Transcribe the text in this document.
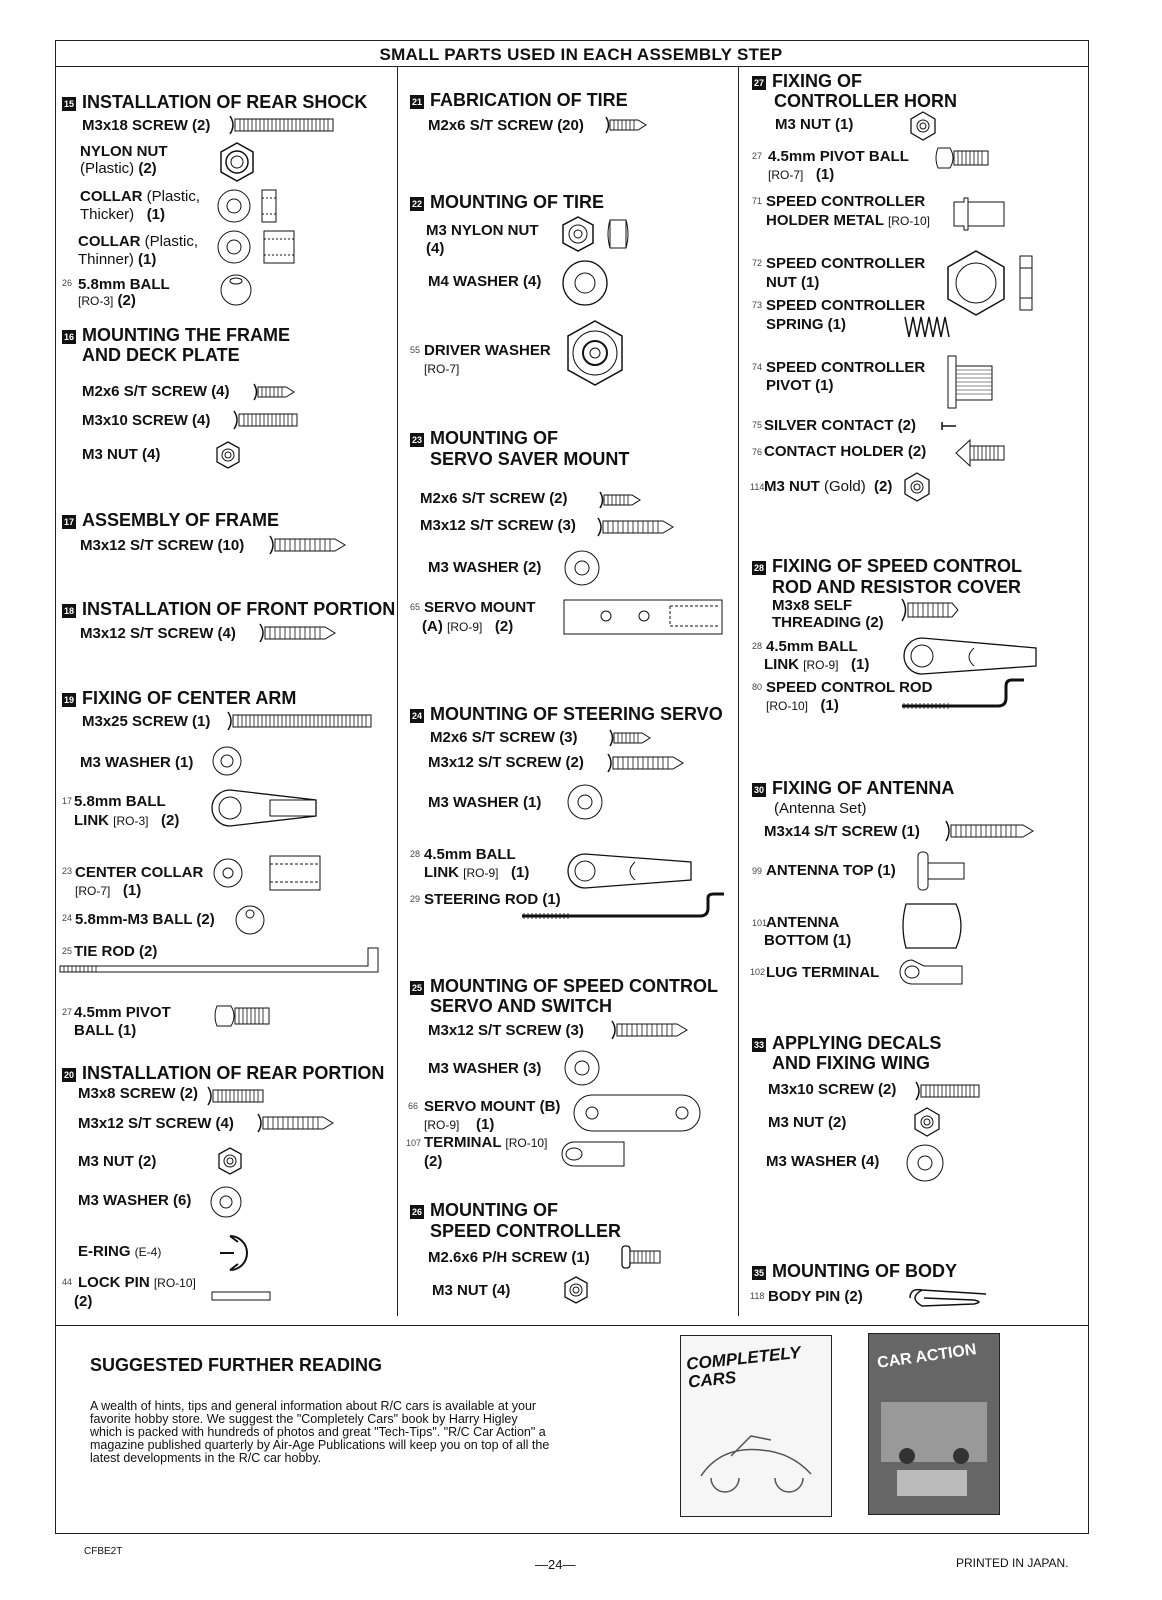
SMALL PARTS USED IN EACH ASSEMBLY STEP
15 INSTALLATION OF REAR SHOCK
M3x18 SCREW (2)
NYLON NUT
(Plastic) (2)
COLLAR (Plastic,
Thicker) (1)
COLLAR (Plastic,
Thinner) (1)
26 5.8mm BALL
[RO-3] (2)
16 MOUNTING THE FRAME
AND DECK PLATE
M2x6 S/T SCREW (4)
M3x10 SCREW (4)
M3 NUT (4)
17 ASSEMBLY OF FRAME
M3x12 S/T SCREW (10)
18 INSTALLATION OF FRONT PORTION
M3x12 S/T SCREW (4)
19 FIXING OF CENTER ARM
M3x25 SCREW (1)
M3 WASHER (1)
17 5.8mm BALL
LINK [RO-3] (2)
23 CENTER COLLAR
[RO-7] (1)
24 5.8mm-M3 BALL (2)
25 TIE ROD (2)
27 4.5mm PIVOT
BALL (1)
20 INSTALLATION OF REAR PORTION
M3x8 SCREW (2)
M3x12 S/T SCREW (4)
M3 NUT (2)
M3 WASHER (6)
E-RING (E-4)
44 LOCK PIN [RO-10]
(2)
21 FABRICATION OF TIRE
M2x6 S/T SCREW (20)
22 MOUNTING OF TIRE
M3 NYLON NUT
(4)
M4 WASHER (4)
55 DRIVER WASHER
[RO-7]
23 MOUNTING OF
SERVO SAVER MOUNT
M2x6 S/T SCREW (2)
M3x12 S/T SCREW (3)
M3 WASHER (2)
65 SERVO MOUNT
(A) [RO-9] (2)
24 MOUNTING OF STEERING SERVO
M2x6 S/T SCREW (3)
M3x12 S/T SCREW (2)
M3 WASHER (1)
28 4.5mm BALL
LINK [RO-9] (1)
29 STEERING ROD (1)
25 MOUNTING OF SPEED CONTROL
SERVO AND SWITCH
M3x12 S/T SCREW (3)
M3 WASHER (3)
66 SERVO MOUNT (B)
[RO-9] (1)
107 TERMINAL [RO-10]
(2)
26 MOUNTING OF
SPEED CONTROLLER
M2.6x6 P/H SCREW (1)
M3 NUT (4)
27 FIXING OF
CONTROLLER HORN
M3 NUT (1)
27 4.5mm PIVOT BALL
[RO-7] (1)
71 SPEED CONTROLLER
HOLDER METAL [RO-10]
72 SPEED CONTROLLER
NUT (1)
73 SPEED CONTROLLER
SPRING (1)
74 SPEED CONTROLLER
PIVOT (1)
75 SILVER CONTACT (2)
76 CONTACT HOLDER (2)
114 M3 NUT (Gold) (2)
28 FIXING OF SPEED CONTROL
ROD AND RESISTOR COVER
M3x8 SELF
THREADING (2)
28 4.5mm BALL
LINK [RO-9] (1)
80 SPEED CONTROL ROD
[RO-10] (1)
30 FIXING OF ANTENNA
(Antenna Set)
M3x14 S/T SCREW (1)
99 ANTENNA TOP (1)
101
ANTENNA
BOTTOM (1)
102 LUG TERMINAL
33 APPLYING DECALS
AND FIXING WING
M3x10 SCREW (2)
M3 NUT (2)
M3 WASHER (4)
35 MOUNTING OF BODY
118 BODY PIN (2)
SUGGESTED FURTHER READING
A wealth of hints, tips and general information about R/C cars is available at your favorite hobby store. We suggest the "Completely Cars" book by Harry Higley which is packed with hundreds of photos and great "Tech-Tips". "R/C Car Action" a magazine published quarterly by Air-Age Publications will keep you on top of all the latest developments in the R/C car hobby.
COMPLETELY CARS
CAR ACTION
CFBE2T
—24—	PRINTED IN JAPAN.
